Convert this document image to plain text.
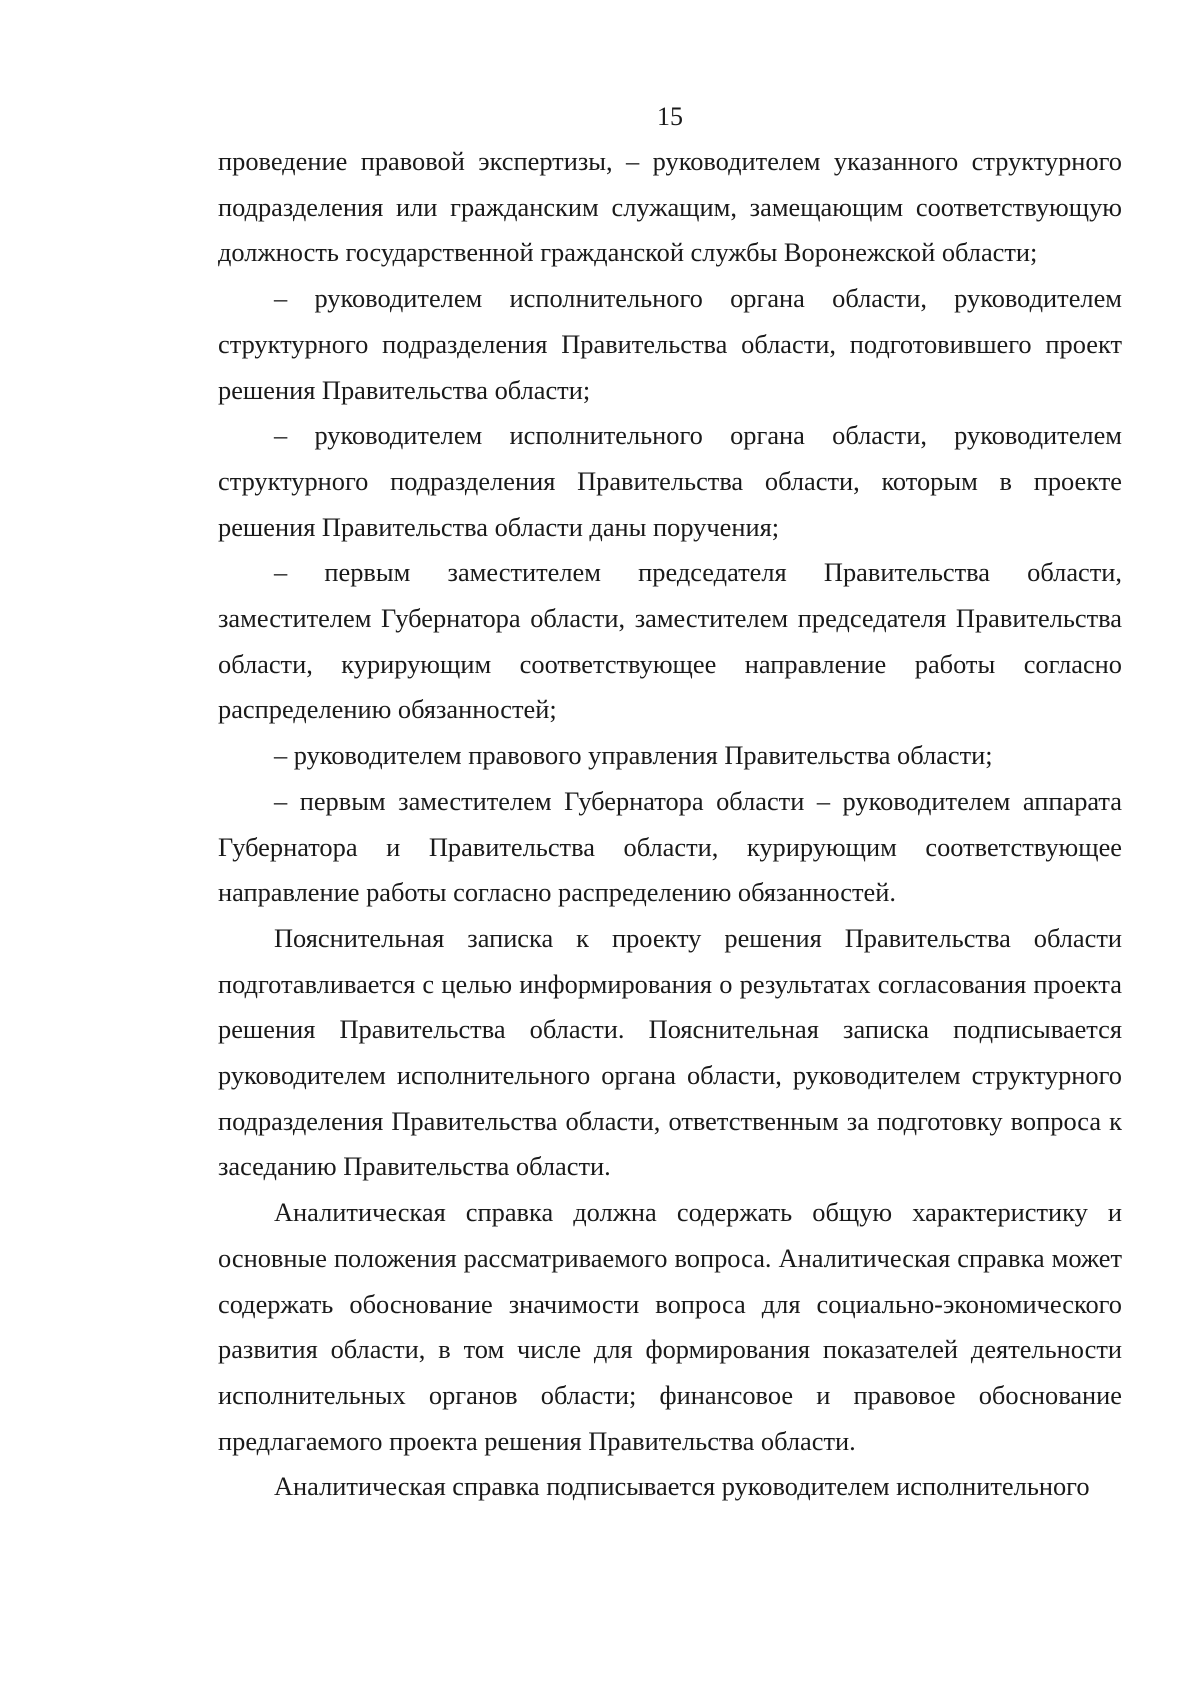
15

проведение правовой экспертизы, – руководителем указанного структурного подразделения или гражданским служащим, замещающим соответствующую должность государственной гражданской службы Воронежской области;

– руководителем исполнительного органа области, руководителем структурного подразделения Правительства области, подготовившего проект решения Правительства области;

– руководителем исполнительного органа области, руководителем структурного подразделения Правительства области, которым в проекте решения Правительства области даны поручения;

– первым заместителем председателя Правительства области, заместителем Губернатора области, заместителем председателя Правительства области, курирующим соответствующее направление работы согласно распределению обязанностей;

– руководителем правового управления Правительства области;

– первым заместителем Губернатора области – руководителем аппарата Губернатора и Правительства области, курирующим соответствующее направление работы согласно распределению обязанностей.

Пояснительная записка к проекту решения Правительства области подготавливается с целью информирования о результатах согласования проекта решения Правительства области. Пояснительная записка подписывается руководителем исполнительного органа области, руководителем структурного подразделения Правительства области, ответственным за подготовку вопроса к заседанию Правительства области.

Аналитическая справка должна содержать общую характеристику и основные положения рассматриваемого вопроса. Аналитическая справка может содержать обоснование значимости вопроса для социально-экономического развития области, в том числе для формирования показателей деятельности исполнительных органов области; финансовое и правовое обоснование предлагаемого проекта решения Правительства области.

Аналитическая справка подписывается руководителем исполнительного
